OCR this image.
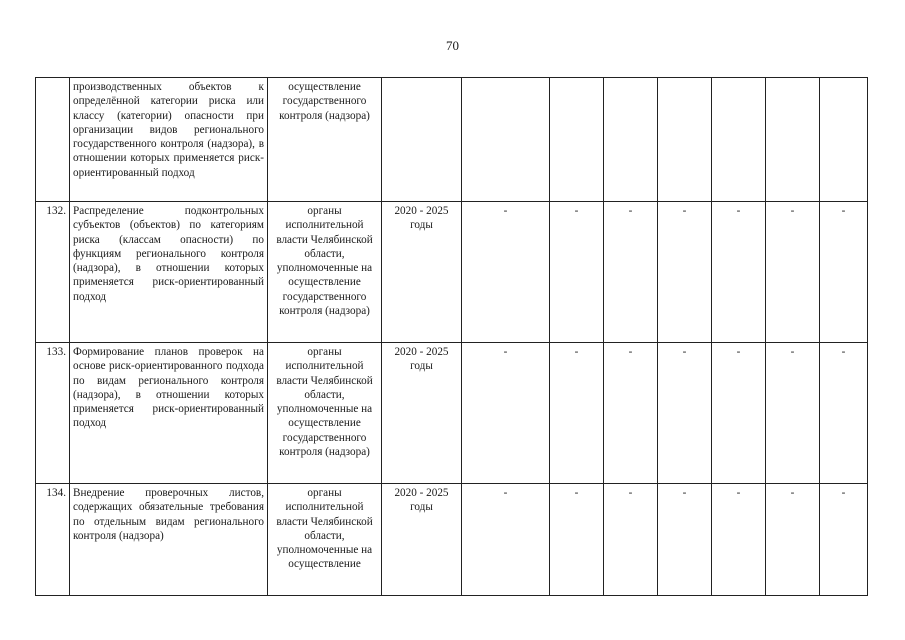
70
	производственных объектов к определённой категории риска или классу (категории) опасности при организации видов регионального государственного контроля (надзора), в отношении которых применяется риск-ориентированный подход	осуществление государственного контроля (надзора)								
132.	Распределение подконтрольных субъектов (объектов) по категориям риска (классам опасности) по функциям регионального контроля (надзора), в отношении которых применяется риск-ориентированный подход	органы исполнительной власти Челябинской области, уполномоченные на осуществление государственного контроля (надзора)	2020 - 2025 годы	-	-	-	-	-	-	-
133.	Формирование планов проверок на основе риск-ориентированного подхода по видам регионального контроля (надзора), в отношении которых применяется риск-ориентированный подход	органы исполнительной власти Челябинской области, уполномоченные на осуществление государственного контроля (надзора)	2020 - 2025 годы	-	-	-	-	-	-	-
134.	Внедрение проверочных листов, содержащих обязательные требования по отдельным видам регионального контроля (надзора)	органы исполнительной власти Челябинской области, уполномоченные на осуществление	2020 - 2025 годы	-	-	-	-	-	-	-
